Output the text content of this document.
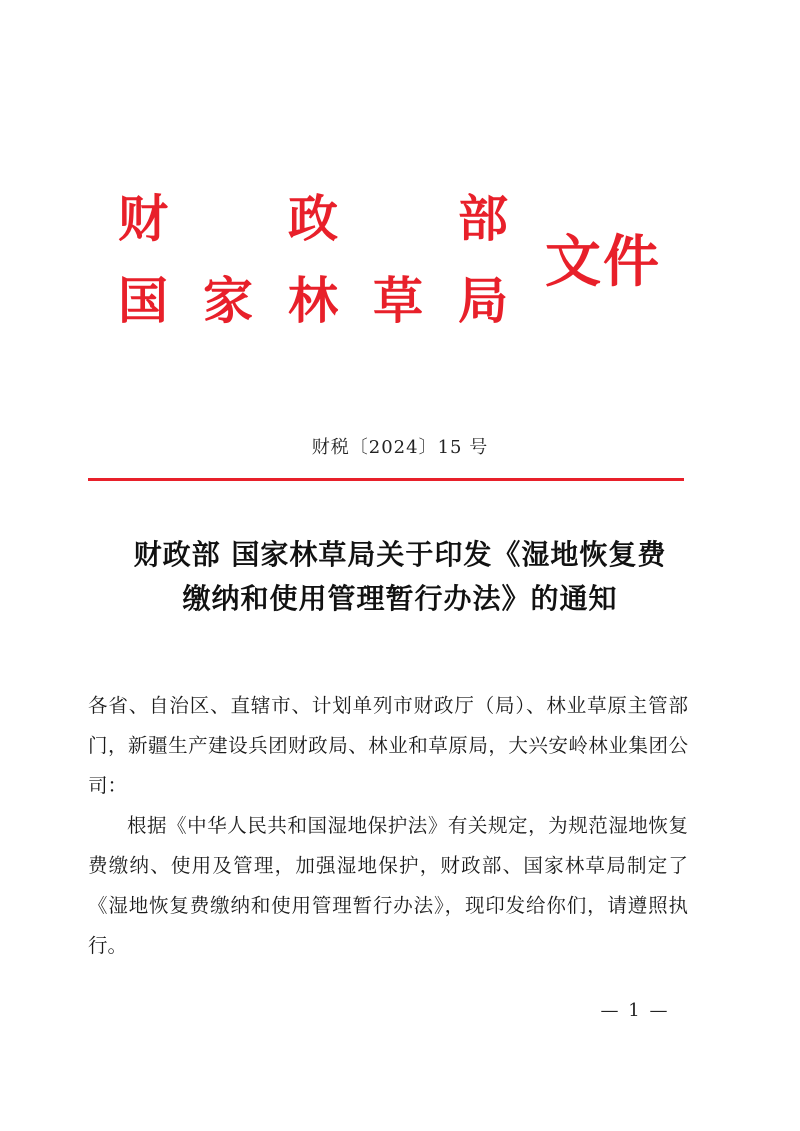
财 政 部
国 家 林 草 局
文件
财税〔2024〕15 号
财政部 国家林草局关于印发《湿地恢复费
缴纳和使用管理暂行办法》的通知

各省、自治区、直辖市、计划单列市财政厅（局）、林业草原主管部门，新疆生产建设兵团财政局、林业和草原局，大兴安岭林业集团公司：

根据《中华人民共和国湿地保护法》有关规定，为规范湿地恢复费缴纳、使用及管理，加强湿地保护，财政部、国家林草局制定了《湿地恢复费缴纳和使用管理暂行办法》，现印发给你们，请遵照执行。

— 1 —
